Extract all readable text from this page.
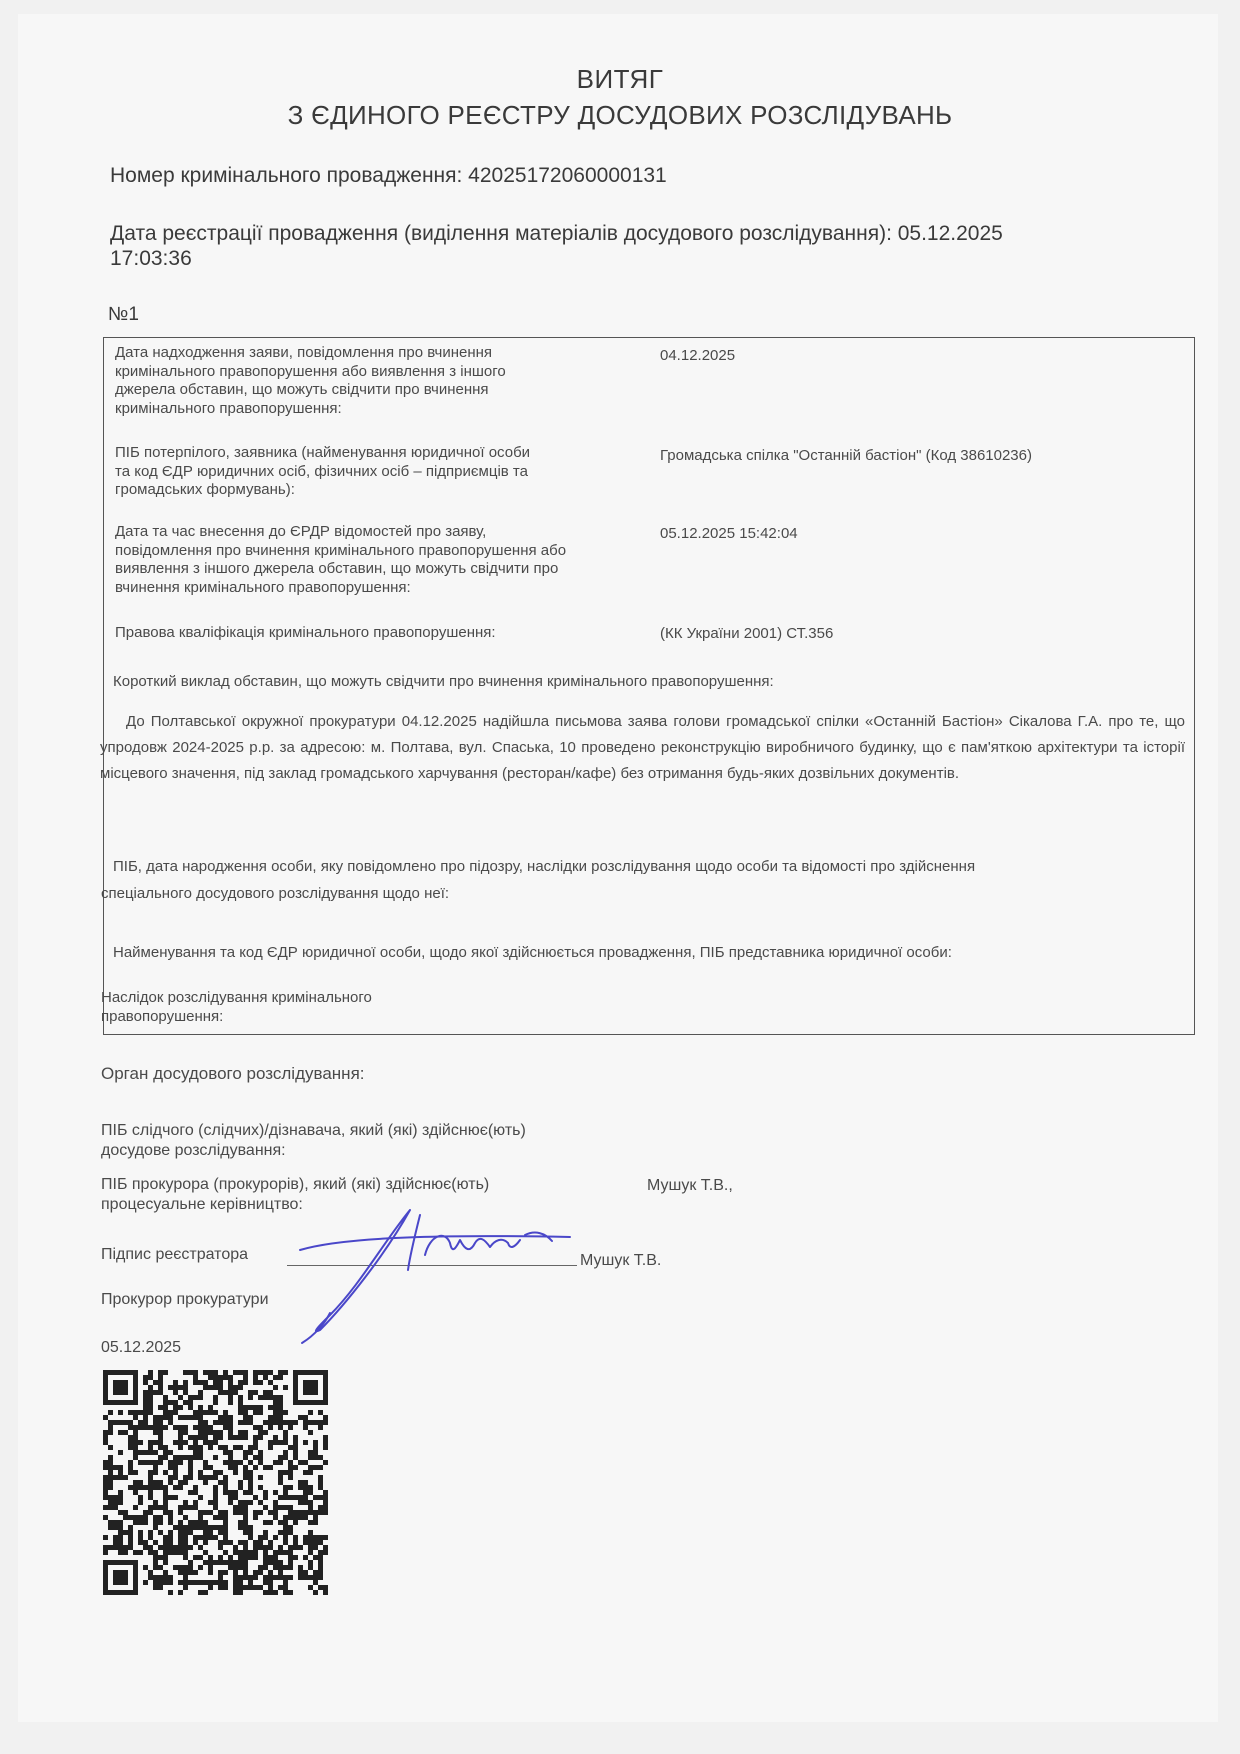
ВИТЯГ
З ЄДИНОГО РЕЄСТРУ ДОСУДОВИХ РОЗСЛІДУВАНЬ
Номер кримінального провадження: 42025172060000131
Дата реєстрації провадження (виділення матеріалів досудового розслідування): 05.12.2025
17:03:36
№1
Дата надходження заяви, повідомлення про вчинення
кримінального правопорушення або виявлення з іншого
джерела обставин, що можуть свідчити про вчинення
кримінального правопорушення:
04.12.2025
ПІБ потерпілого, заявника (найменування юридичної особи
та код ЄДР юридичних осіб, фізичних осіб – підприємців та
громадських формувань):
Громадська спілка "Останній бастіон" (Код 38610236)
Дата та час внесення до ЄРДР відомостей про заяву,
повідомлення про вчинення кримінального правопорушення або
виявлення з іншого джерела обставин, що можуть свідчити про
вчинення кримінального правопорушення:
05.12.2025 15:42:04
Правова кваліфікація кримінального правопорушення:	(КК України 2001) СТ.356
Короткий виклад обставин, що можуть свідчити про вчинення кримінального правопорушення:
До Полтавської окружної прокуратури 04.12.2025 надійшла письмова заява голови громадської спілки «Останній Бастіон» Сікалова Г.А. про те, що упродовж 2024-2025 р.р. за адресою: м. Полтава, вул. Спаська, 10 проведено реконструкцію виробничого будинку, що є пам'яткою архітектури та історії місцевого значення, під заклад громадського харчування (ресторан/кафе) без отримання будь-яких дозвільних документів.
ПІБ, дата народження особи, яку повідомлено про підозру, наслідки розслідування щодо особи та відомості про здійснення
спеціального досудового розслідування щодо неї:
Найменування та код ЄДР юридичної особи, щодо якої здійснюється провадження, ПІБ представника юридичної особи:
Наслідок розслідування кримінального
правопорушення:
Орган досудового розслідування:
ПІБ слідчого (слідчих)/дізнавача, який (які) здійснює(ють)
досудове розслідування:
ПІБ прокурора (прокурорів), який (які) здійснює(ють)
процесуальне керівництво:
Мушук Т.В.,
Підпис реєстратора	Мушук Т.В.
Прокурор прокуратури
05.12.2025
